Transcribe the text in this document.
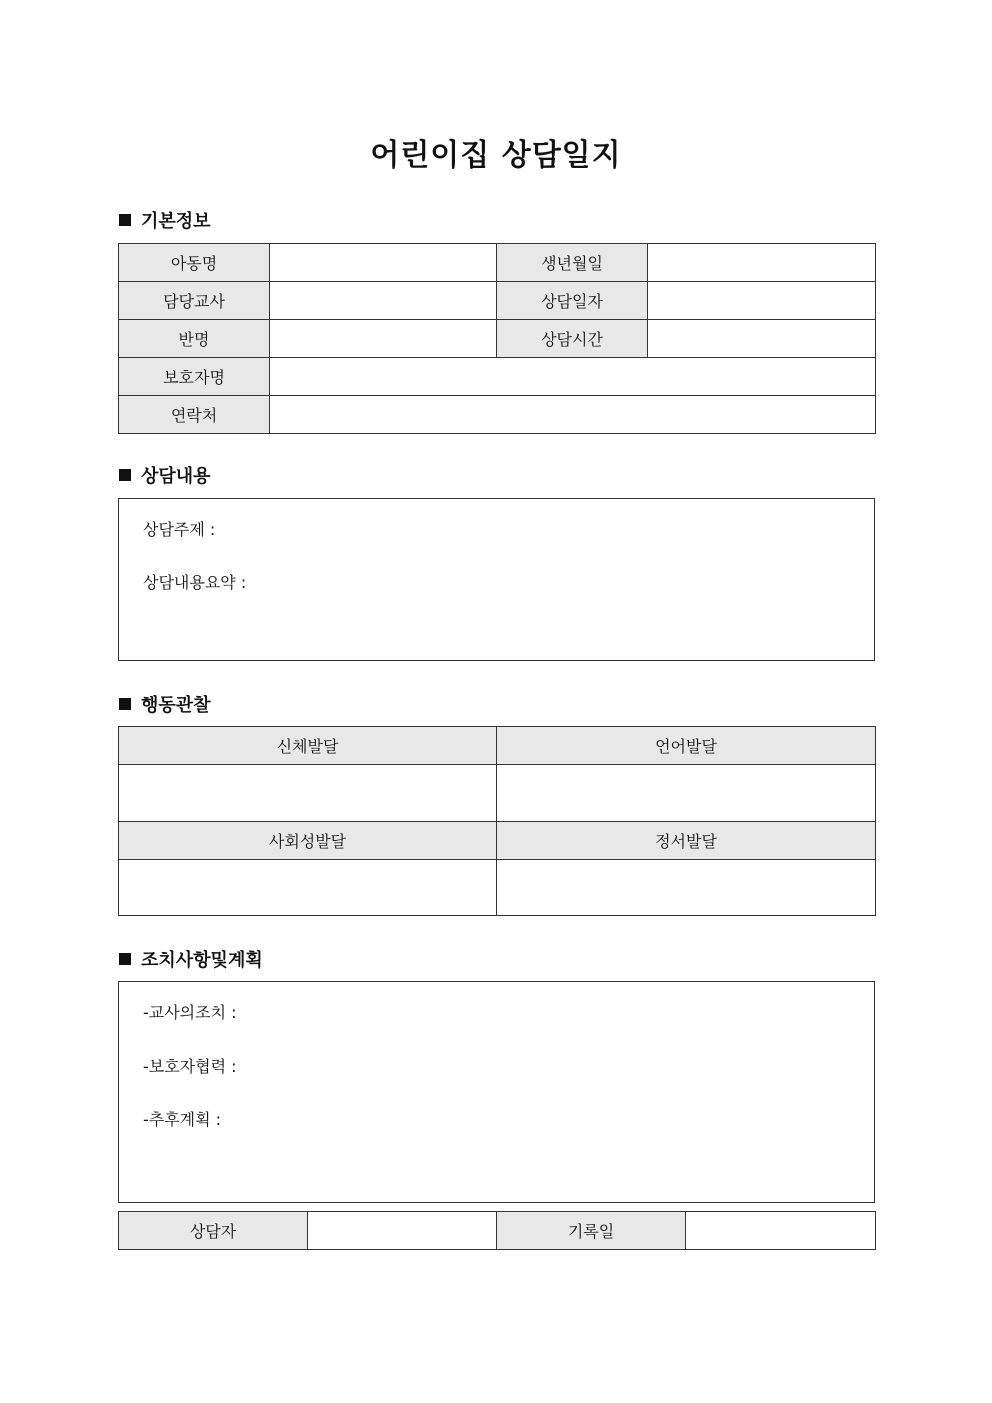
어린이집 상담일지
기본정보
아동명		생년월일	
담당교사		상담일자	
반명		상담시간	
보호자명			
연락처			
상담내용
상담주제 :
상담내용요약 :
행동관찰
신체발달	언어발달

사회성발달	정서발달

조치사항및계획
-교사의조치 :
-보호자협력 :
-추후계획 :
상담자		기록일	
